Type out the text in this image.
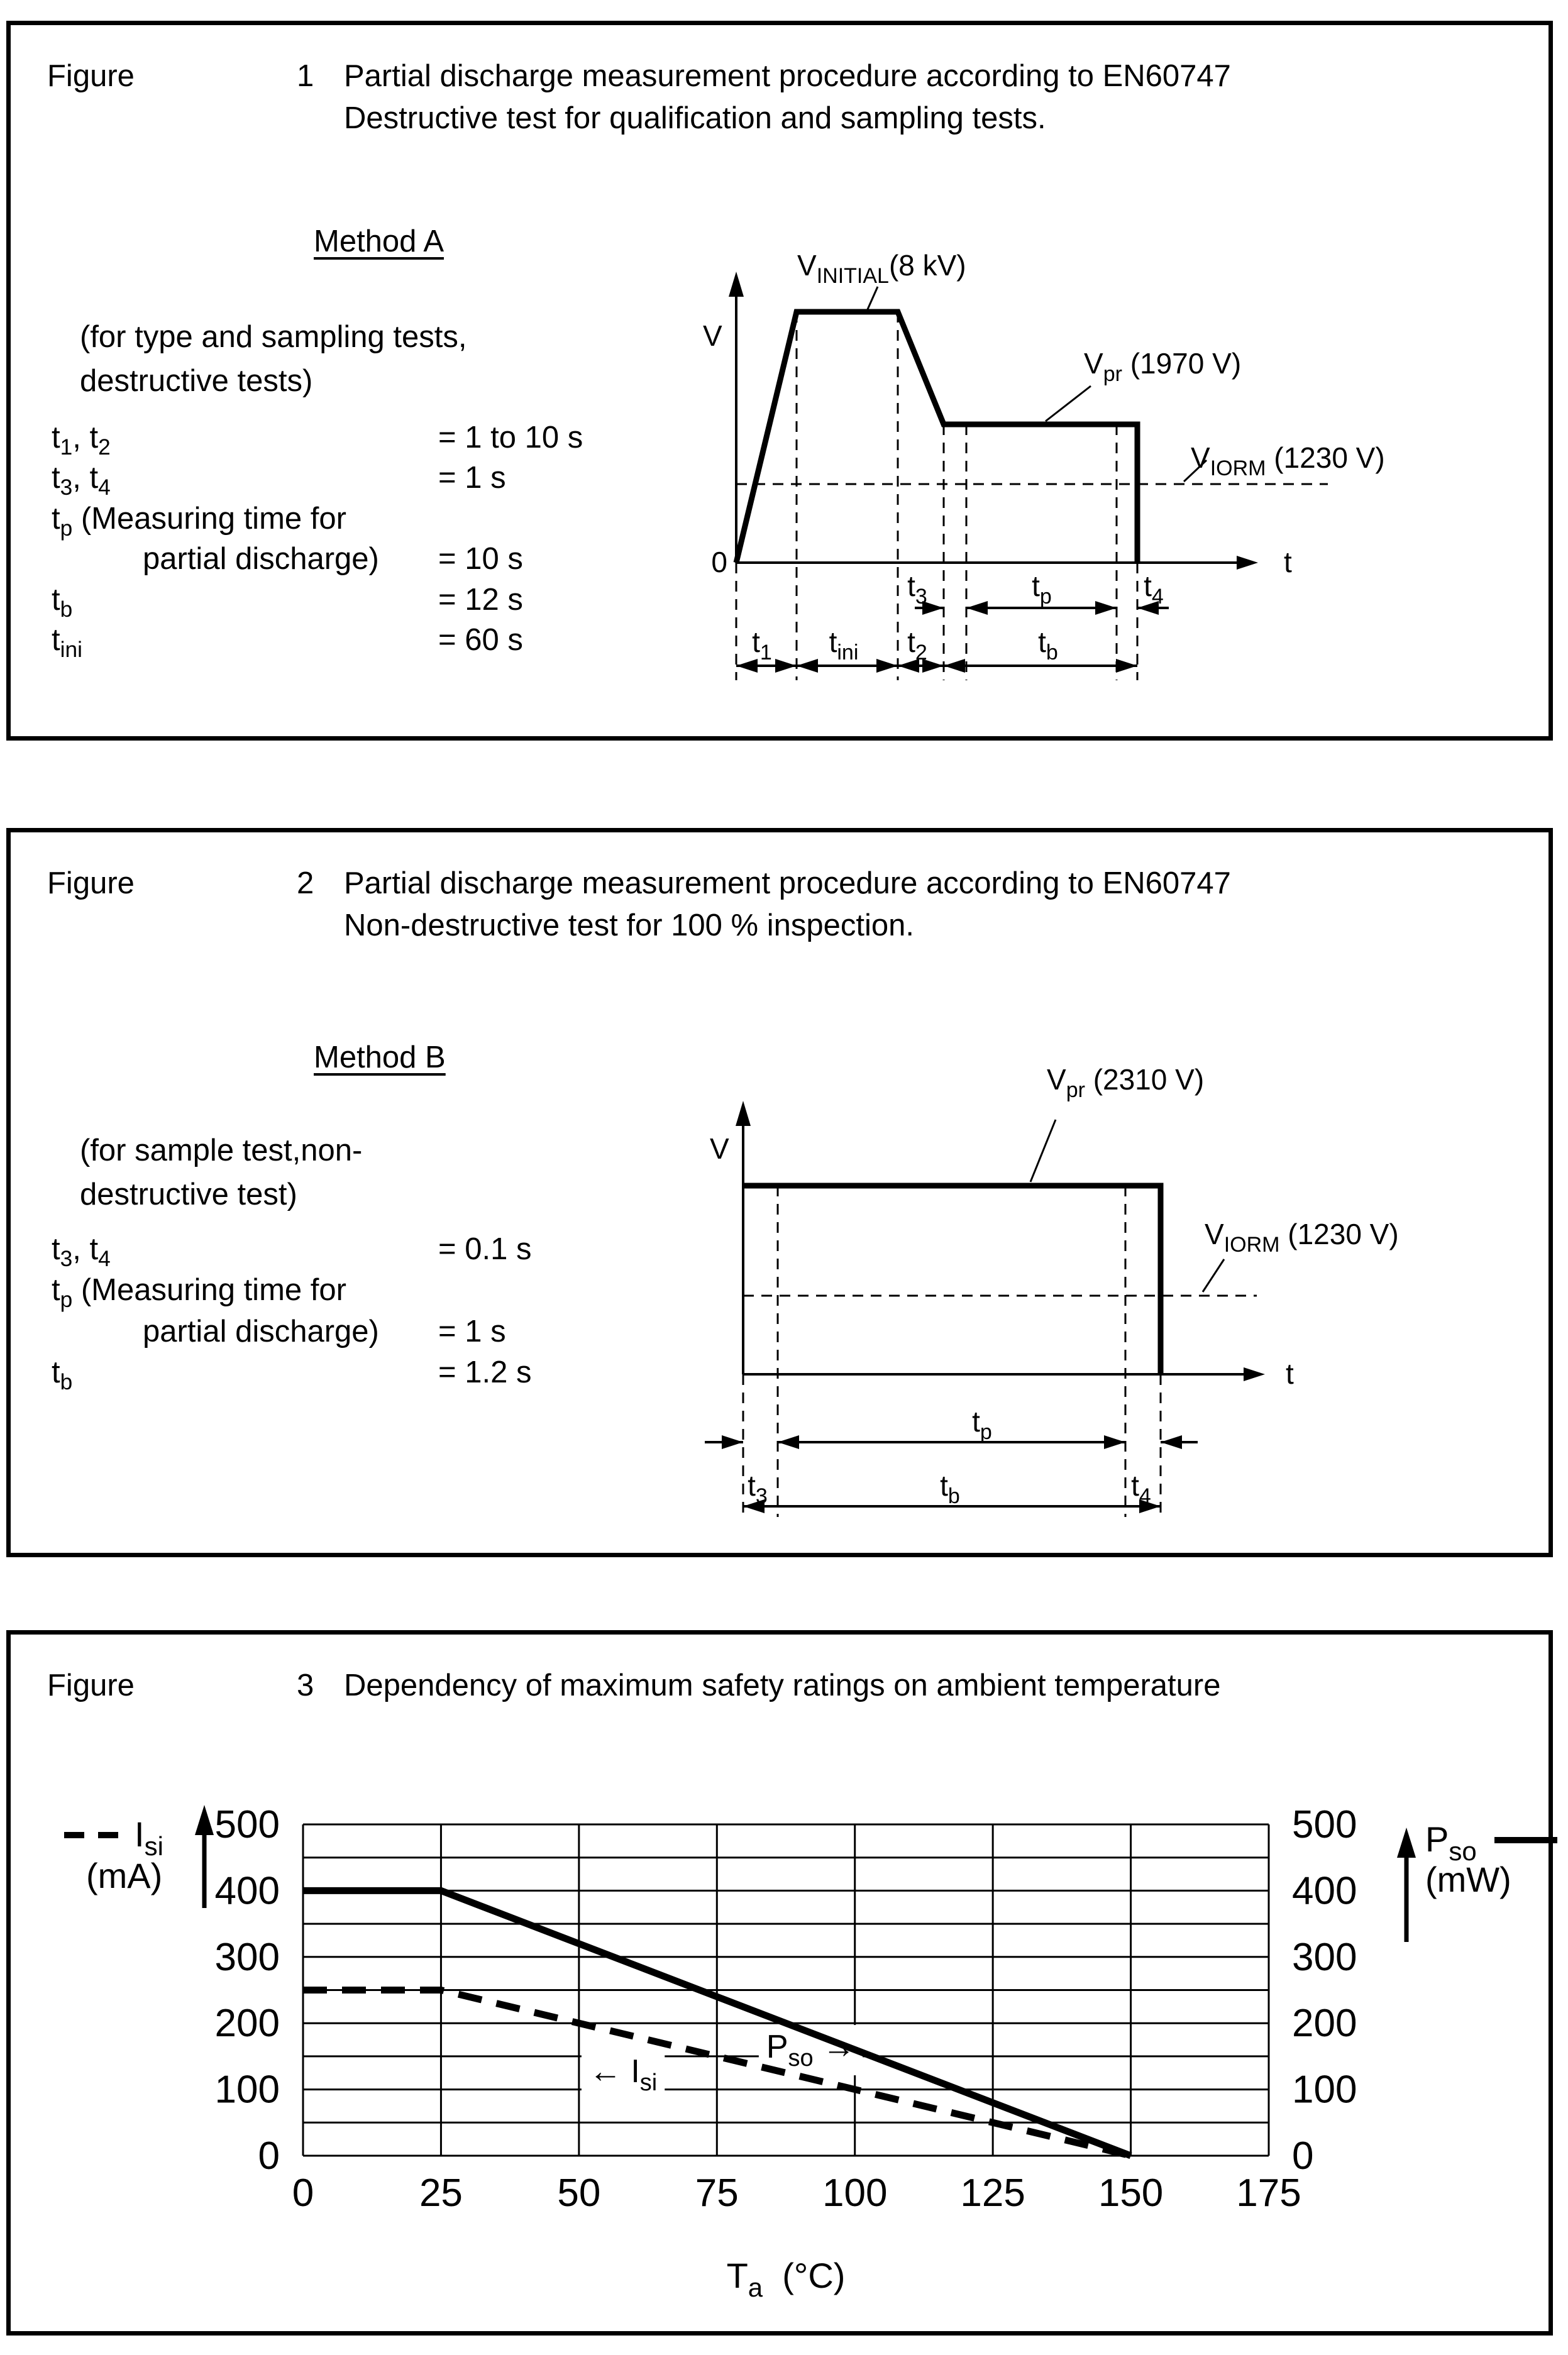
Figure	1 Partial discharge measurement procedure according to EN60747
Destructive test for qualification and sampling tests.
Method A
(for type and sampling tests,
destructive tests)
$t_1$, $t_2$	= 1 to 10 s
$t_3$, $t_4$	= 1 s
$t_p$ (Measuring time for
partial discharge) = 10 s
$t_b$	= 12 s
$t_{ini}$	= 60 s
V
0	t
$V_{INITIAL}(8$ kV)
$V_{pr}$ (1970 V)
$V_{IORM}$ (1230 V)
$t_3$	$t_p$	$t_4$
$t_1$ $t_{ini}$ $t_2$	$t_b$
Figure	2 Partial discharge measurement procedure according to EN60747
Non-destructive test for 100 % inspection.
Method B
(for sample test,non-
destructive test)
$t_3$, $t_4$	= 0.1 s
$t_p$ (Measuring time for
partial discharge) = 1 s
$t_b$	= 1.2 s
V
t
$V_{pr}$ (2310 V)
$V_{IORM}$ (1230 V)
$t_p$
$t_3$	$t_b$	$t_4$
Figure	3 Dependency of maximum safety ratings on ambient temperature
0	25 50 75 100 125 150 175
0	0
100	100
200	200
300	300
400	400
500	500
$P_{so}$ →
← $I_{si}$
$I_{si}$
(mA)
$P_{so}$
(mW)
$T_a$ (°C)
